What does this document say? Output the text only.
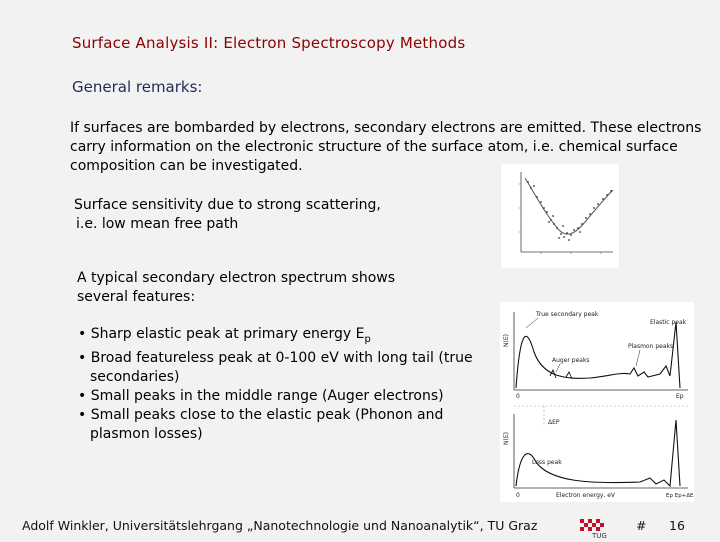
Surface Analysis II: Electron Spectroscopy Methods
General remarks:
If surfaces are bombarded by electrons, secondary electrons are emitted. These electrons carry information on the electronic structure of the surface atom, i.e. chemical surface composition can be investigated.
Surface sensitivity due to strong scattering,
i.e. low mean free path
A typical secondary electron spectrum shows
several features:
• Sharp elastic peak at primary energy $E_p$
• Broad featureless peak at 0-100 eV with long tail (true secondaries)
• Small peaks in the middle range (Auger electrons)
• Small peaks close to the elastic peak (Phonon and plasmon losses)
N(E)
0	Ep
True secondary peak
Elastic peak
Plasmon peaks
Auger peaks
ΔEP
N(E)
Loss peak
Electron energy, eV
0	Ep Ep+ΔEp
Adolf Winkler, Universitätslehrgang „Nanotechnologie und Nanoanalytik“, TU Graz
TUG
# 16
